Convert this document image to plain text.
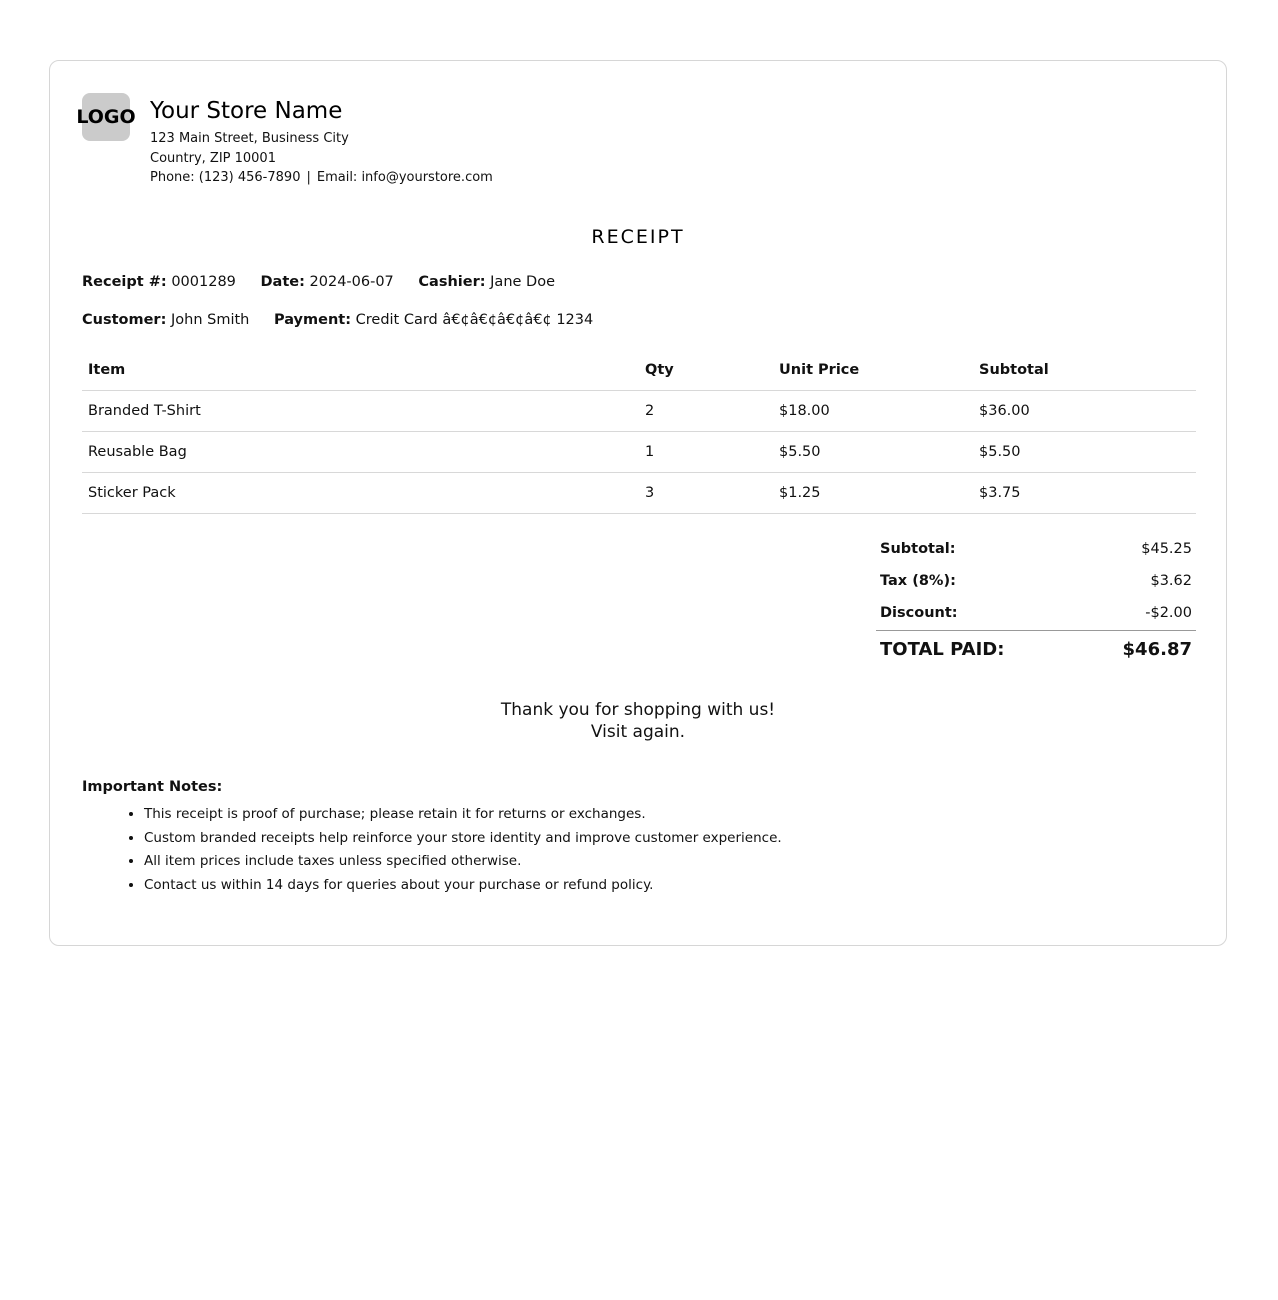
LOGO Your Store Name
123 Main Street, Business City
Country, ZIP 10001
Phone: (123) 456-7890 | Email: info@yourstore.com
RECEIPT
Receipt #: 0001289 Date: 2024-06-07 Cashier: Jane Doe
Customer: John Smith Payment: Credit Card â€¢â€¢â€¢â€¢ 1234
Item	Qty	Unit Price	Subtotal
Branded T-Shirt	2	$18.00	$36.00
Reusable Bag	1	$5.50	$5.50
Sticker Pack	3	$1.25	$3.75
Subtotal:	$45.25
Tax (8%):	$3.62
Discount:	-$2.00
TOTAL PAID:	$46.87
Thank you for shopping with us!
Visit again.
Important Notes:
• This receipt is proof of purchase; please retain it for returns or exchanges.
• Custom branded receipts help reinforce your store identity and improve customer experience.
• All item prices include taxes unless specified otherwise.
• Contact us within 14 days for queries about your purchase or refund policy.
